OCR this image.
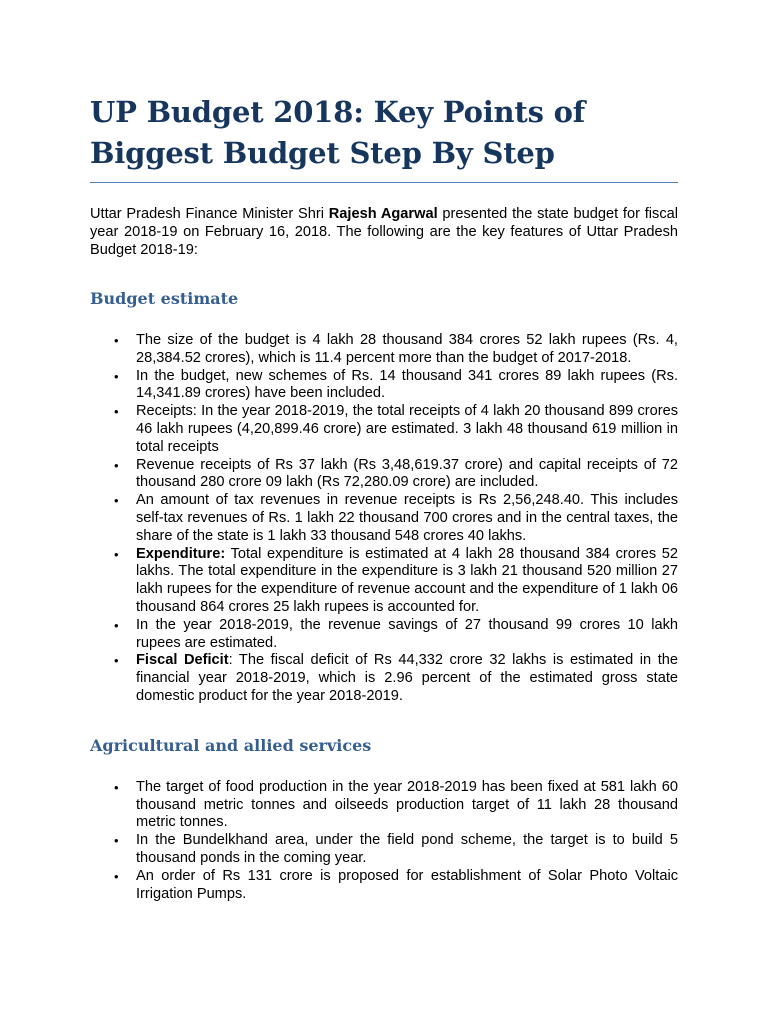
UP Budget 2018: Key Points of Biggest Budget Step By Step

Uttar Pradesh Finance Minister Shri Rajesh Agarwal presented the state budget for fiscal year 2018-19 on February 16, 2018. The following are the key features of Uttar Pradesh Budget 2018-19:

Budget estimate
• The size of the budget is 4 lakh 28 thousand 384 crores 52 lakh rupees (Rs. 4, 28,384.52 crores), which is 11.4 percent more than the budget of 2017-2018.
• In the budget, new schemes of Rs. 14 thousand 341 crores 89 lakh rupees (Rs. 14,341.89 crores) have been included.
• Receipts: In the year 2018-2019, the total receipts of 4 lakh 20 thousand 899 crores 46 lakh rupees (4,20,899.46 crore) are estimated. 3 lakh 48 thousand 619 million in total receipts
• Revenue receipts of Rs 37 lakh (Rs 3,48,619.37 crore) and capital receipts of 72 thousand 280 crore 09 lakh (Rs 72,280.09 crore) are included.
• An amount of tax revenues in revenue receipts is Rs 2,56,248.40. This includes self-tax revenues of Rs. 1 lakh 22 thousand 700 crores and in the central taxes, the share of the state is 1 lakh 33 thousand 548 crores 40 lakhs.
• Expenditure: Total expenditure is estimated at 4 lakh 28 thousand 384 crores 52 lakhs. The total expenditure in the expenditure is 3 lakh 21 thousand 520 million 27 lakh rupees for the expenditure of revenue account and the expenditure of 1 lakh 06 thousand 864 crores 25 lakh rupees is accounted for.
• In the year 2018-2019, the revenue savings of 27 thousand 99 crores 10 lakh rupees are estimated.
• Fiscal Deficit: The fiscal deficit of Rs 44,332 crore 32 lakhs is estimated in the financial year 2018-2019, which is 2.96 percent of the estimated gross state domestic product for the year 2018-2019.
Agricultural and allied services
• The target of food production in the year 2018-2019 has been fixed at 581 lakh 60 thousand metric tonnes and oilseeds production target of 11 lakh 28 thousand metric tonnes.
• In the Bundelkhand area, under the field pond scheme, the target is to build 5 thousand ponds in the coming year.
• An order of Rs 131 crore is proposed for establishment of Solar Photo Voltaic Irrigation Pumps.
